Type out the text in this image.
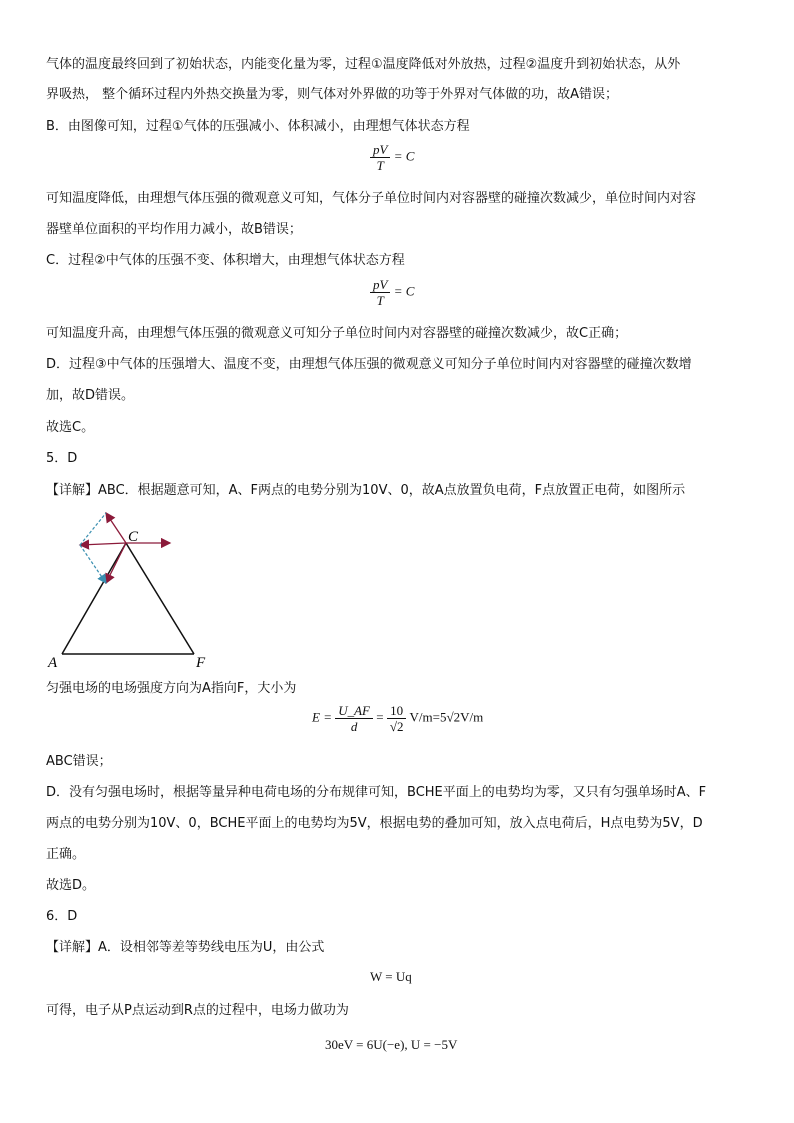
气体的温度最终回到了初始状态，内能变化量为零，过程①温度降低对外放热，过程②温度升到初始状态，从外
界吸热， 整个循环过程内外热交换量为零，则气体对外界做的功等于外界对气体做的功，故A错误；
B．由图像可知，过程①气体的压强减小、体积减小，由理想气体状态方程
$\frac{pV}{T} = C$
可知温度降低，由理想气体压强的微观意义可知，气体分子单位时间内对容器壁的碰撞次数减少，单位时间内对容
器壁单位面积的平均作用力减小，故B错误；
C．过程②中气体的压强不变、体积增大，由理想气体状态方程
$\frac{pV}{T} = C$
可知温度升高，由理想气体压强的微观意义可知分子单位时间内对容器壁的碰撞次数减少，故C正确；
D．过程③中气体的压强增大、温度不变，由理想气体压强的微观意义可知分子单位时间内对容器壁的碰撞次数增
加，故D错误。
故选C。
5．D
【详解】ABC．根据题意可知，A、F两点的电势分别为10V、0，故A点放置负电荷，F点放置正电荷，如图所示
C
A	F
匀强电场的电场强度方向为A指向F，大小为
$E = \frac{U\_AF}{d} = \frac{10}{√2} V/m=5√2V/m$
ABC错误；
D．没有匀强电场时，根据等量异种电荷电场的分布规律可知，BCHE平面上的电势均为零，又只有匀强单场时A、F
两点的电势分别为10V、0，BCHE平面上的电势均为5V，根据电势的叠加可知，放入点电荷后，H点电势为5V，D
正确。
故选D。
6．D
【详解】A．设相邻等差等势线电压为U，由公式
W = Uq
可得，电子从P点运动到R点的过程中，电场力做功为
30eV = 6U(−e), U = −5V
